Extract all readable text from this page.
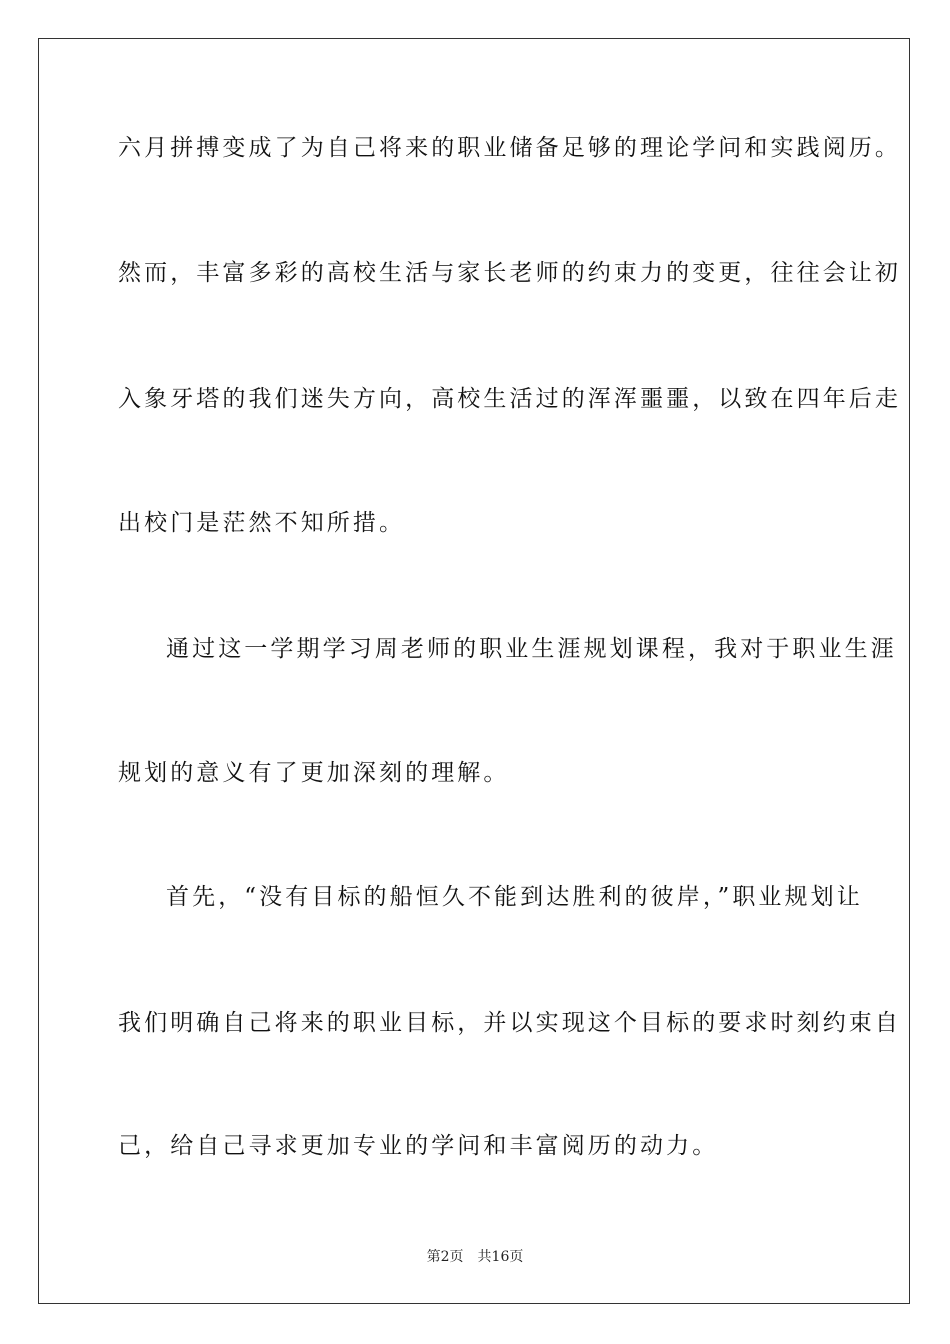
六月拼搏变成了为自己将来的职业储备足够的理论学问和实践阅历。
然而，丰富多彩的高校生活与家长老师的约束力的变更，往往会让初
入象牙塔的我们迷失方向，高校生活过的浑浑噩噩，以致在四年后走
出校门是茫然不知所措。
通过这一学期学习周老师的职业生涯规划课程，我对于职业生涯
规划的意义有了更加深刻的理解。
首先，“没有目标的船恒久不能到达胜利的彼岸，”职业规划让
我们明确自己将来的职业目标，并以实现这个目标的要求时刻约束自
己，给自己寻求更加专业的学问和丰富阅历的动力。
第2页 共16页
